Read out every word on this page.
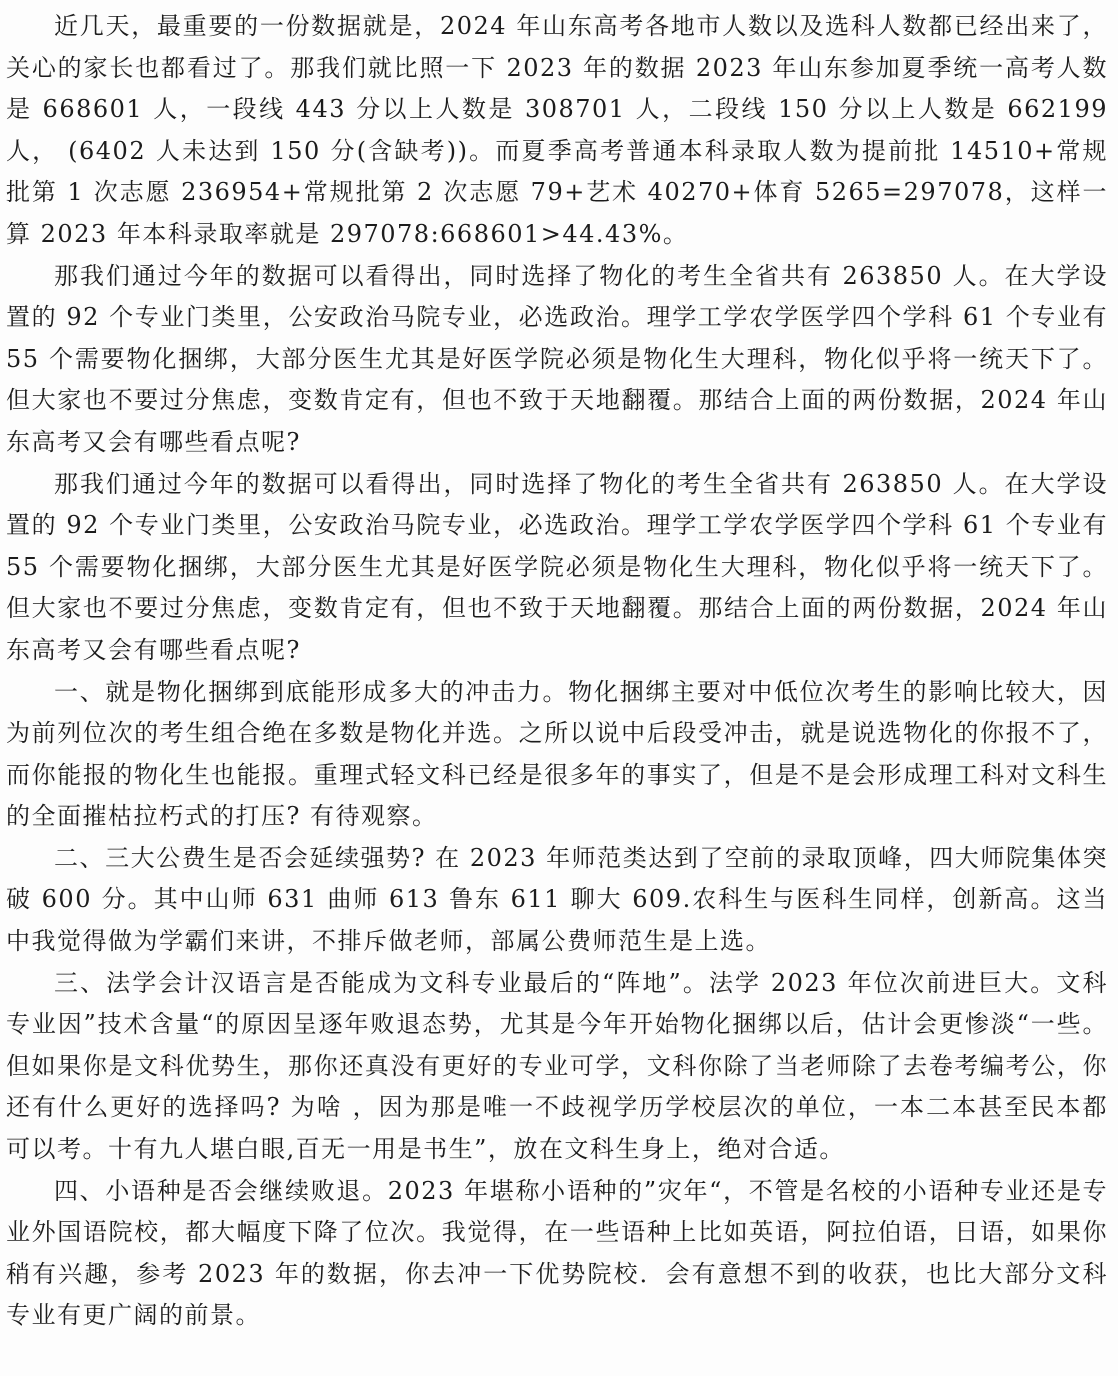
近几天，最重要的一份数据就是，2024 年山东高考各地市人数以及选科人数都已经出来了，关心的家长也都看过了。那我们就比照一下 2023 年的数据 2023 年山东参加夏季统一高考人数是 668601 人，一段线 443 分以上人数是 308701 人，二段线 150 分以上人数是 662199 人， (6402 人未达到 150 分(含缺考))。而夏季高考普通本科录取人数为提前批 14510+常规批第 1 次志愿 236954+常规批第 2 次志愿 79+艺术 40270+体育 5265=297078，这样一算 2023 年本科录取率就是 297078:668601>44.43%。

那我们通过今年的数据可以看得出，同时选择了物化的考生全省共有 263850 人。在大学设置的 92 个专业门类里，公安政治马院专业，必选政治。理学工学农学医学四个学科 61 个专业有 55 个需要物化捆绑，大部分医生尤其是好医学院必须是物化生大理科，物化似乎将一统天下了。但大家也不要过分焦虑，变数肯定有，但也不致于天地翻覆。那结合上面的两份数据，2024 年山东高考又会有哪些看点呢?

那我们通过今年的数据可以看得出，同时选择了物化的考生全省共有 263850 人。在大学设置的 92 个专业门类里，公安政治马院专业，必选政治。理学工学农学医学四个学科 61 个专业有 55 个需要物化捆绑，大部分医生尤其是好医学院必须是物化生大理科，物化似乎将一统天下了。但大家也不要过分焦虑，变数肯定有，但也不致于天地翻覆。那结合上面的两份数据，2024 年山东高考又会有哪些看点呢?

一、就是物化捆绑到底能形成多大的冲击力。物化捆绑主要对中低位次考生的影响比较大，因为前列位次的考生组合绝在多数是物化并选。之所以说中后段受冲击，就是说选物化的你报不了，而你能报的物化生也能报。重理式轻文科已经是很多年的事实了，但是不是会形成理工科对文科生的全面摧枯拉朽式的打压? 有待观察。

二、三大公费生是否会延续强势? 在 2023 年师范类达到了空前的录取顶峰，四大师院集体突破 600 分。其中山师 631 曲师 613 鲁东 611 聊大 609.农科生与医科生同样，创新高。这当中我觉得做为学霸们来讲，不排斥做老师，部属公费师范生是上选。

三、法学会计汉语言是否能成为文科专业最后的“阵地”。法学 2023 年位次前进巨大。文科专业因”技术含量“的原因呈逐年败退态势，尤其是今年开始物化捆绑以后，估计会更惨淡“一些。但如果你是文科优势生，那你还真没有更好的专业可学，文科你除了当老师除了去卷考编考公，你还有什么更好的选择吗? 为啥 ，因为那是唯一不歧视学历学校层次的单位，一本二本甚至民本都可以考。十有九人堪白眼,百无一用是书生”，放在文科生身上，绝对合适。

四、小语种是否会继续败退。2023 年堪称小语种的”灾年“，不管是名校的小语种专业还是专业外国语院校，都大幅度下降了位次。我觉得，在一些语种上比如英语，阿拉伯语，日语，如果你稍有兴趣，参考 2023 年的数据，你去冲一下优势院校．会有意想不到的收获，也比大部分文科专业有更广阔的前景。
